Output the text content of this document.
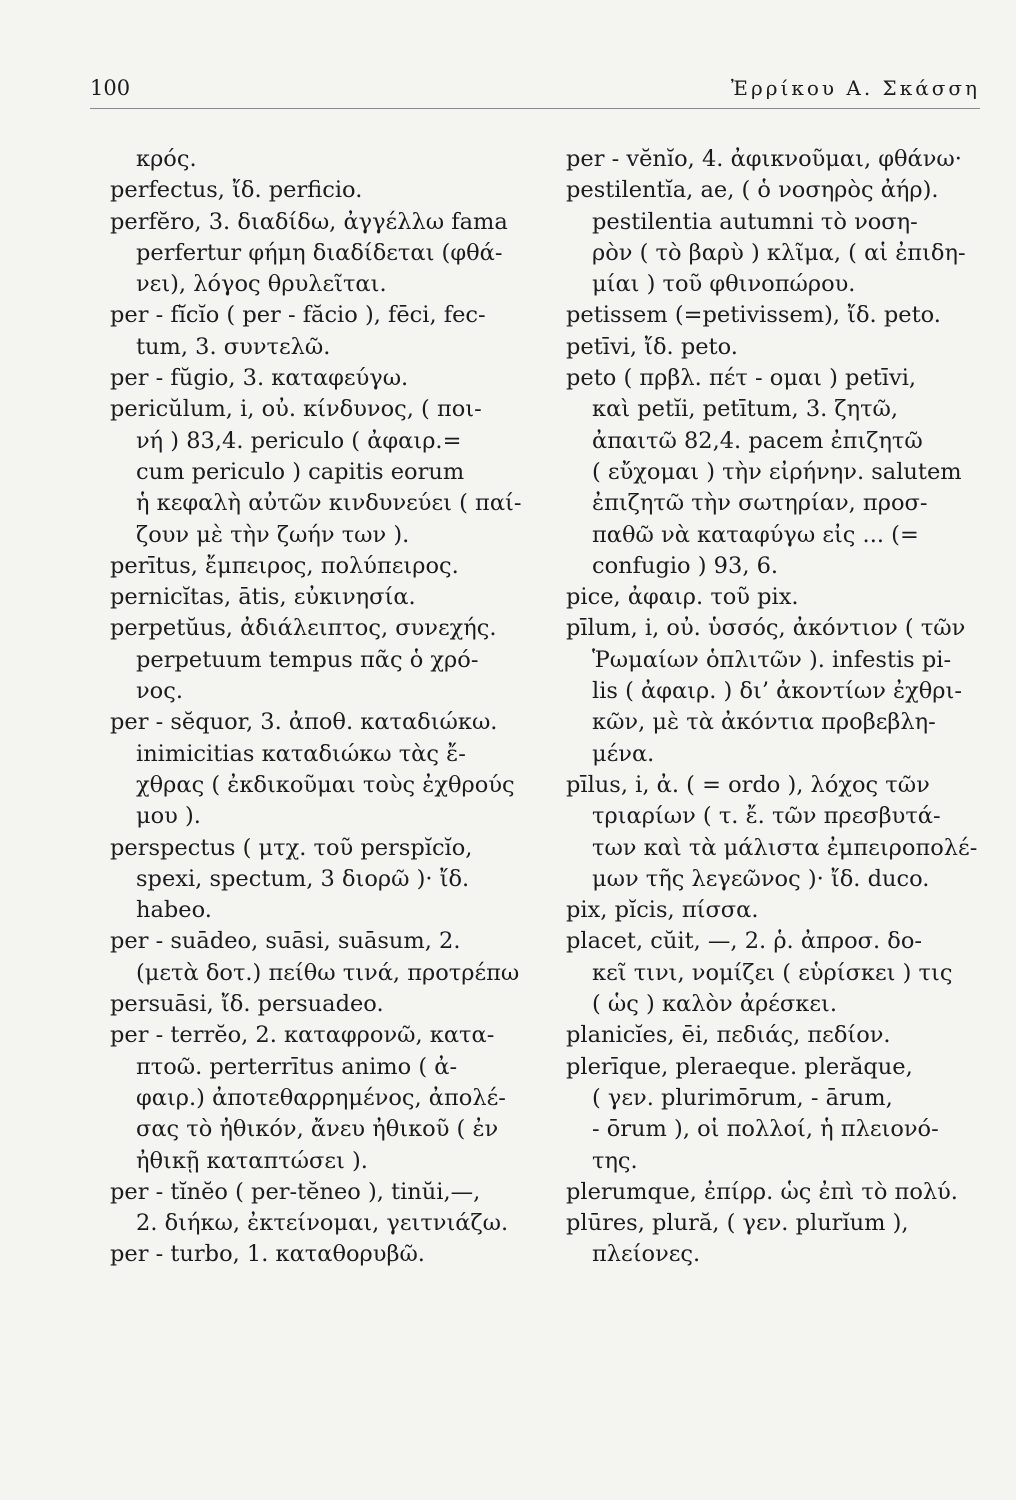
100	Ἐρρίκου Α. Σκάσση
κρός.
perfectus, ἴδ. perficio.
perfĕro, 3. διαδίδω, ἀγγέλλω fama
perfertur φήμη διαδίδεται (φθά-
νει), λόγος θρυλεῖται.
per - fĭcĭo ( per - făcio ), fēci, fec-
tum, 3. συντελῶ.
per - fŭgio, 3. καταφεύγω.
pericŭlum, i, οὐ. κίνδυνος, ( ποι-
νή ) 83,4. periculo ( ἀφαιρ.=
cum periculo ) capitis eorum
ἡ κεφαλὴ αὐτῶν κινδυνεύει ( παί-
ζουν μὲ τὴν ζωήν των ).
perītus, ἔμπειρος, πολύπειρος.
pernicĭtas, ātis, εὐκινησία.
perpetŭus, ἀδιάλειπτος, συνεχής.
perpetuum tempus πᾶς ὁ χρό-
νος.
per - sĕquor, 3. ἀποθ. καταδιώκω.
inimicitias καταδιώκω τὰς ἔ-
χθρας ( ἐκδικοῦμαι τοὺς ἐχθρούς
μου ).
perspectus ( μτχ. τοῦ perspĭcĭo,
spexi, spectum, 3 διορῶ )· ἴδ.
habeo.
per - suādeo, suāsi, suāsum, 2.
(μετὰ δοτ.) πείθω τινά, προτρέπω
persuāsi, ἴδ. persuadeo.
per - terrĕo, 2. καταφρονῶ, κατα-
πτοῶ. perterrītus animo ( ἀ-
φαιρ.) ἀποτεθαρρημένος, ἀπολέ-
σας τὸ ἠθικόν, ἄνευ ἠθικοῦ ( ἐν
ἠθικῇ καταπτώσει ).
per - tĭnĕo ( per-tĕneo ), tinŭi,—,
2. διήκω, ἐκτείνομαι, γειτνιάζω.
per - turbo, 1. καταθορυβῶ.
per - vĕnĭo, 4. ἀφικνοῦμαι, φθάνω·
pestilentĭa, ae, ( ὁ νοσηρὸς ἀήρ).
pestilentia autumni τὸ νοση-
ρὸν ( τὸ βαρὺ ) κλῖμα, ( αἱ ἐπιδη-
μίαι ) τοῦ φθινοπώρου.
petissem (=petivissem), ἴδ. peto.
petīvi, ἴδ. peto.
peto ( πρβλ. πέτ - ομαι ) petīvi,
καὶ petĭi, petītum, 3. ζητῶ,
ἀπαιτῶ 82,4. pacem ἐπιζητῶ
( εὔχομαι ) τὴν εἰρήνην. salutem
ἐπιζητῶ τὴν σωτηρίαν, προσ-
παθῶ νὰ καταφύγω εἰς ... (=
confugio ) 93, 6.
pice, ἀφαιρ. τοῦ pix.
pīlum, i, οὐ. ὑσσός, ἀκόντιον ( τῶν
Ῥωμαίων ὁπλιτῶν ). infestis pi-
lis ( ἀφαιρ. ) δι’ ἀκοντίων ἐχθρι-
κῶν, μὲ τὰ ἀκόντια προβεβλη-
μένα.
pīlus, i, ἀ. ( = ordo ), λόχος τῶν
τριαρίων ( τ. ἔ. τῶν πρεσβυτά-
των καὶ τὰ μάλιστα ἐμπειροπολέ-
μων τῆς λεγεῶνος )· ἴδ. duco.
pix, pĭcis, πίσσα.
placet, cŭit, —, 2. ῥ. ἀπροσ. δο-
κεῖ τινι, νομίζει ( εὑρίσκει ) τις
( ὡς ) καλὸν ἀρέσκει.
planicĭes, ēi, πεδιάς, πεδίον.
plerīque, pleraeque. plerăque,
( γεν. plurimōrum, - ārum,
- ōrum ), οἱ πολλοί, ἡ πλειονό-
της.
plerumque, ἐπίρρ. ὡς ἐπὶ τὸ πολύ.
plūres, plură, ( γεν. plurĭum ),
πλείονες.
